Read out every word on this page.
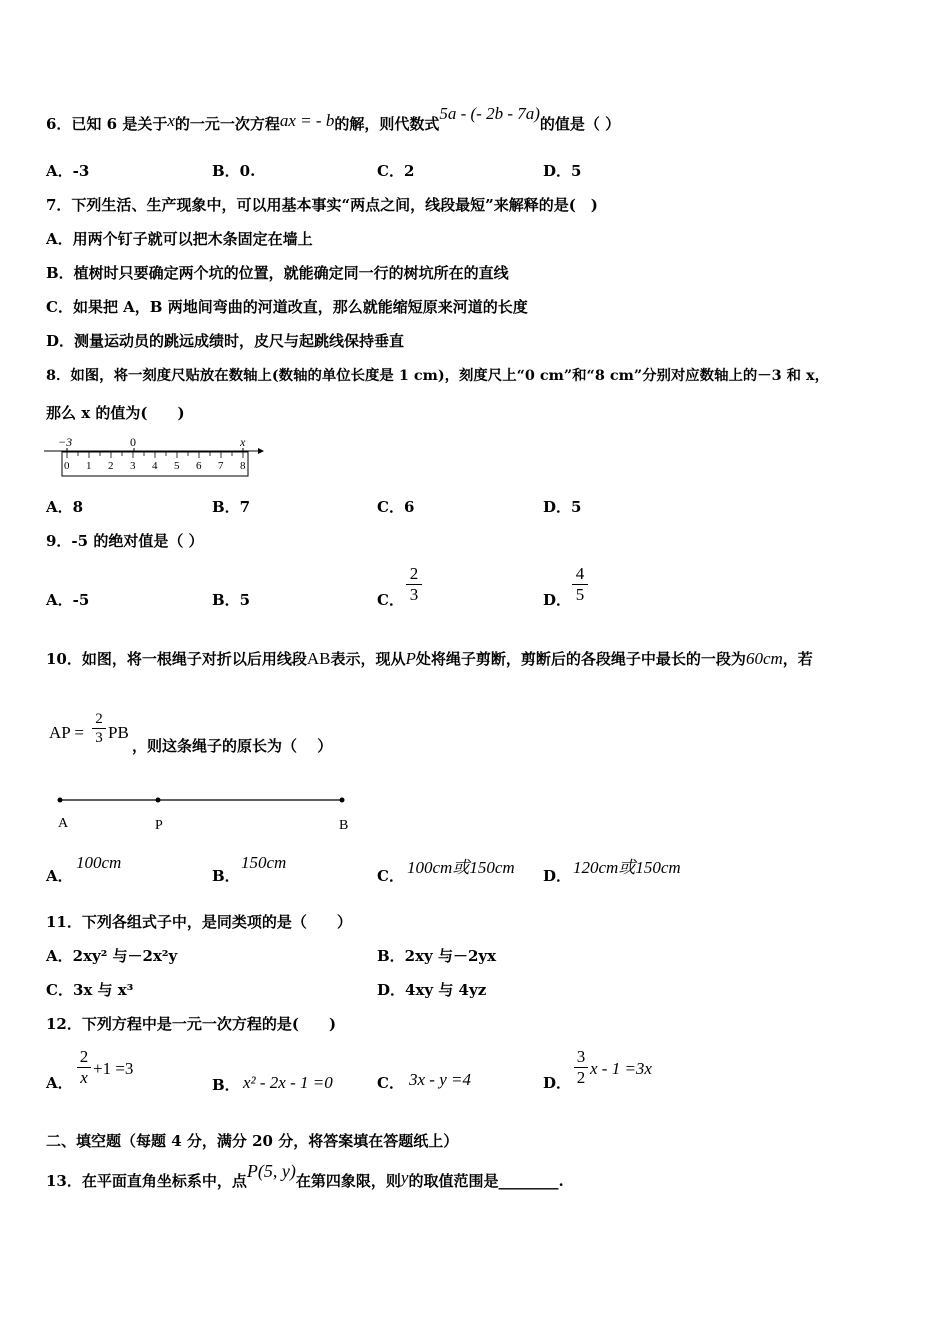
6．已知 6 是关于x的一元一次方程ax = - b的解，则代数式5a - (- 2b - 7a)的值是（ ）
A．-3	B．0.	C．2	D．5
7．下列生活、生产现象中，可以用基本事实“两点之间，线段最短”来解释的是(　)
A．用两个钉子就可以把木条固定在墙上
B．植树时只要确定两个坑的位置，就能确定同一行的树坑所在的直线
C．如果把 A，B 两地间弯曲的河道改直，那么就能缩短原来河道的长度
D．测量运动员的跳远成绩时，皮尺与起跳线保持垂直
8．如图，将一刻度尺贴放在数轴上(数轴的单位长度是 1 cm)，刻度尺上“0 cm”和“8 cm”分别对应数轴上的－3 和 x，
那么 x 的值为(　　)
−3	0	x
0 1 2 3 4 5 6 7 8
A．8	B．7	C．6	D．5
9．-5 的绝对值是（ ）
A．-5	B．5	C．
2
3	D．
4
5
10．如图，将一根绳子对折以后用线段AB表示，现从P处将绳子剪断，剪断后的各段绳子中最长的一段为60cm，若
AP =
2
3 PB
，则这条绳子的原长为（　 ）
A	P	B
A．
100cm
B．
150cm
C． 100cm或150cm D． 120cm或150cm
11．下列各组式子中，是同类项的是（　　）
A．2xy² 与－2x²y	B．2xy 与－2yx
C．3x 与 x³	D．4xy 与 4yz
12．下列方程中是一元一次方程的是(　　)
A．
2
x +1 =3
B． x² - 2x - 1 =0	C． 3x - y =4	D．
3
2 x - 1 =3x
二、填空题（每题 4 分，满分 20 分，将答案填在答题纸上）
13．在平面直角坐标系中，点P(5, y)在第四象限，则y的取值范围是________.
